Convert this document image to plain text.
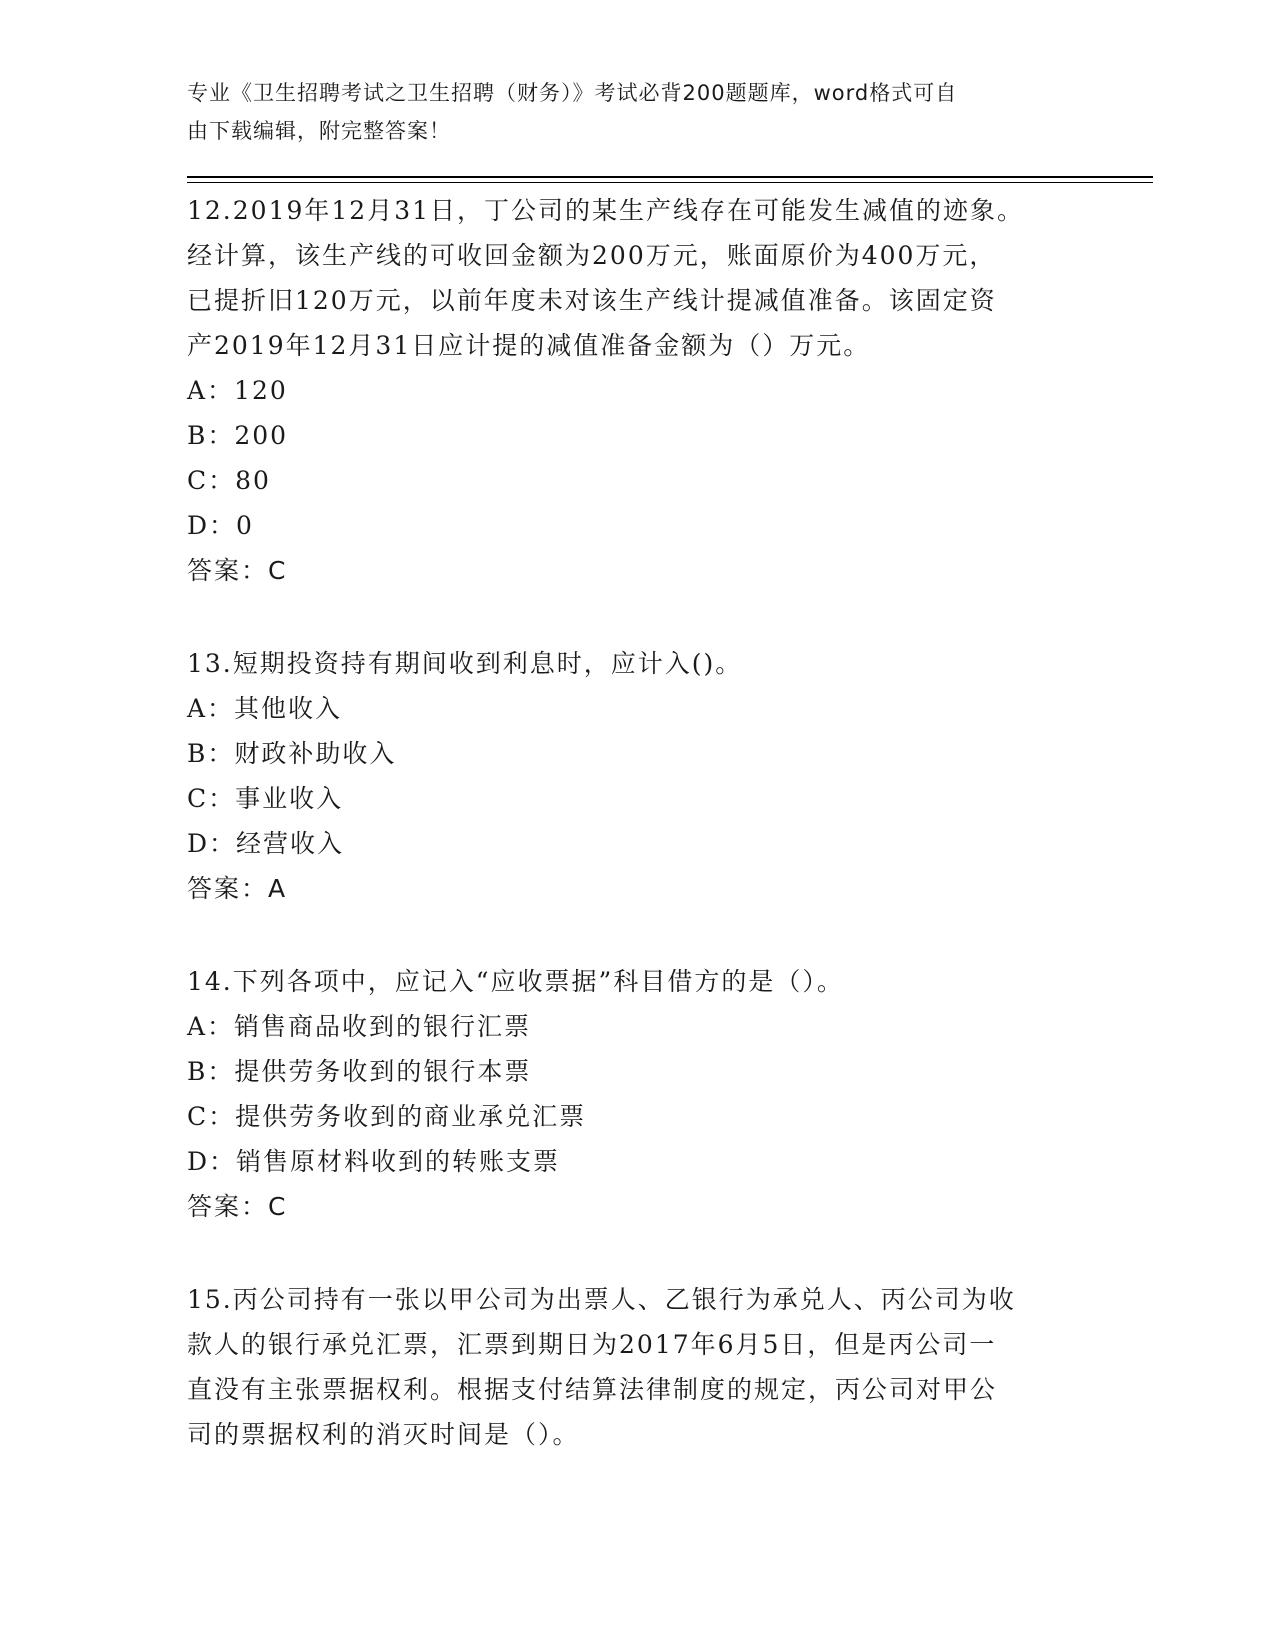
专业《卫生招聘考试之卫生招聘（财务）》考试必背200题题库，word格式可自
由下载编辑，附完整答案！

12.2019年12月31日，丁公司的某生产线存在可能发生减值的迹象。

经计算，该生产线的可收回金额为200万元，账面原价为400万元，

已提折旧120万元，以前年度未对该生产线计提减值准备。该固定资

产2019年12月31日应计提的减值准备金额为（）万元。

A：120

B：200

C：80

D：0

答案：C

13.短期投资持有期间收到利息时，应计入()。

A：其他收入

B：财政补助收入

C：事业收入

D：经营收入

答案：A

14.下列各项中，应记入“应收票据”科目借方的是（）。

A：销售商品收到的银行汇票

B：提供劳务收到的银行本票

C：提供劳务收到的商业承兑汇票

D：销售原材料收到的转账支票

答案：C

15.丙公司持有一张以甲公司为出票人、乙银行为承兑人、丙公司为收

款人的银行承兑汇票，汇票到期日为2017年6月5日，但是丙公司一

直没有主张票据权利。根据支付结算法律制度的规定，丙公司对甲公

司的票据权利的消灭时间是（）。
